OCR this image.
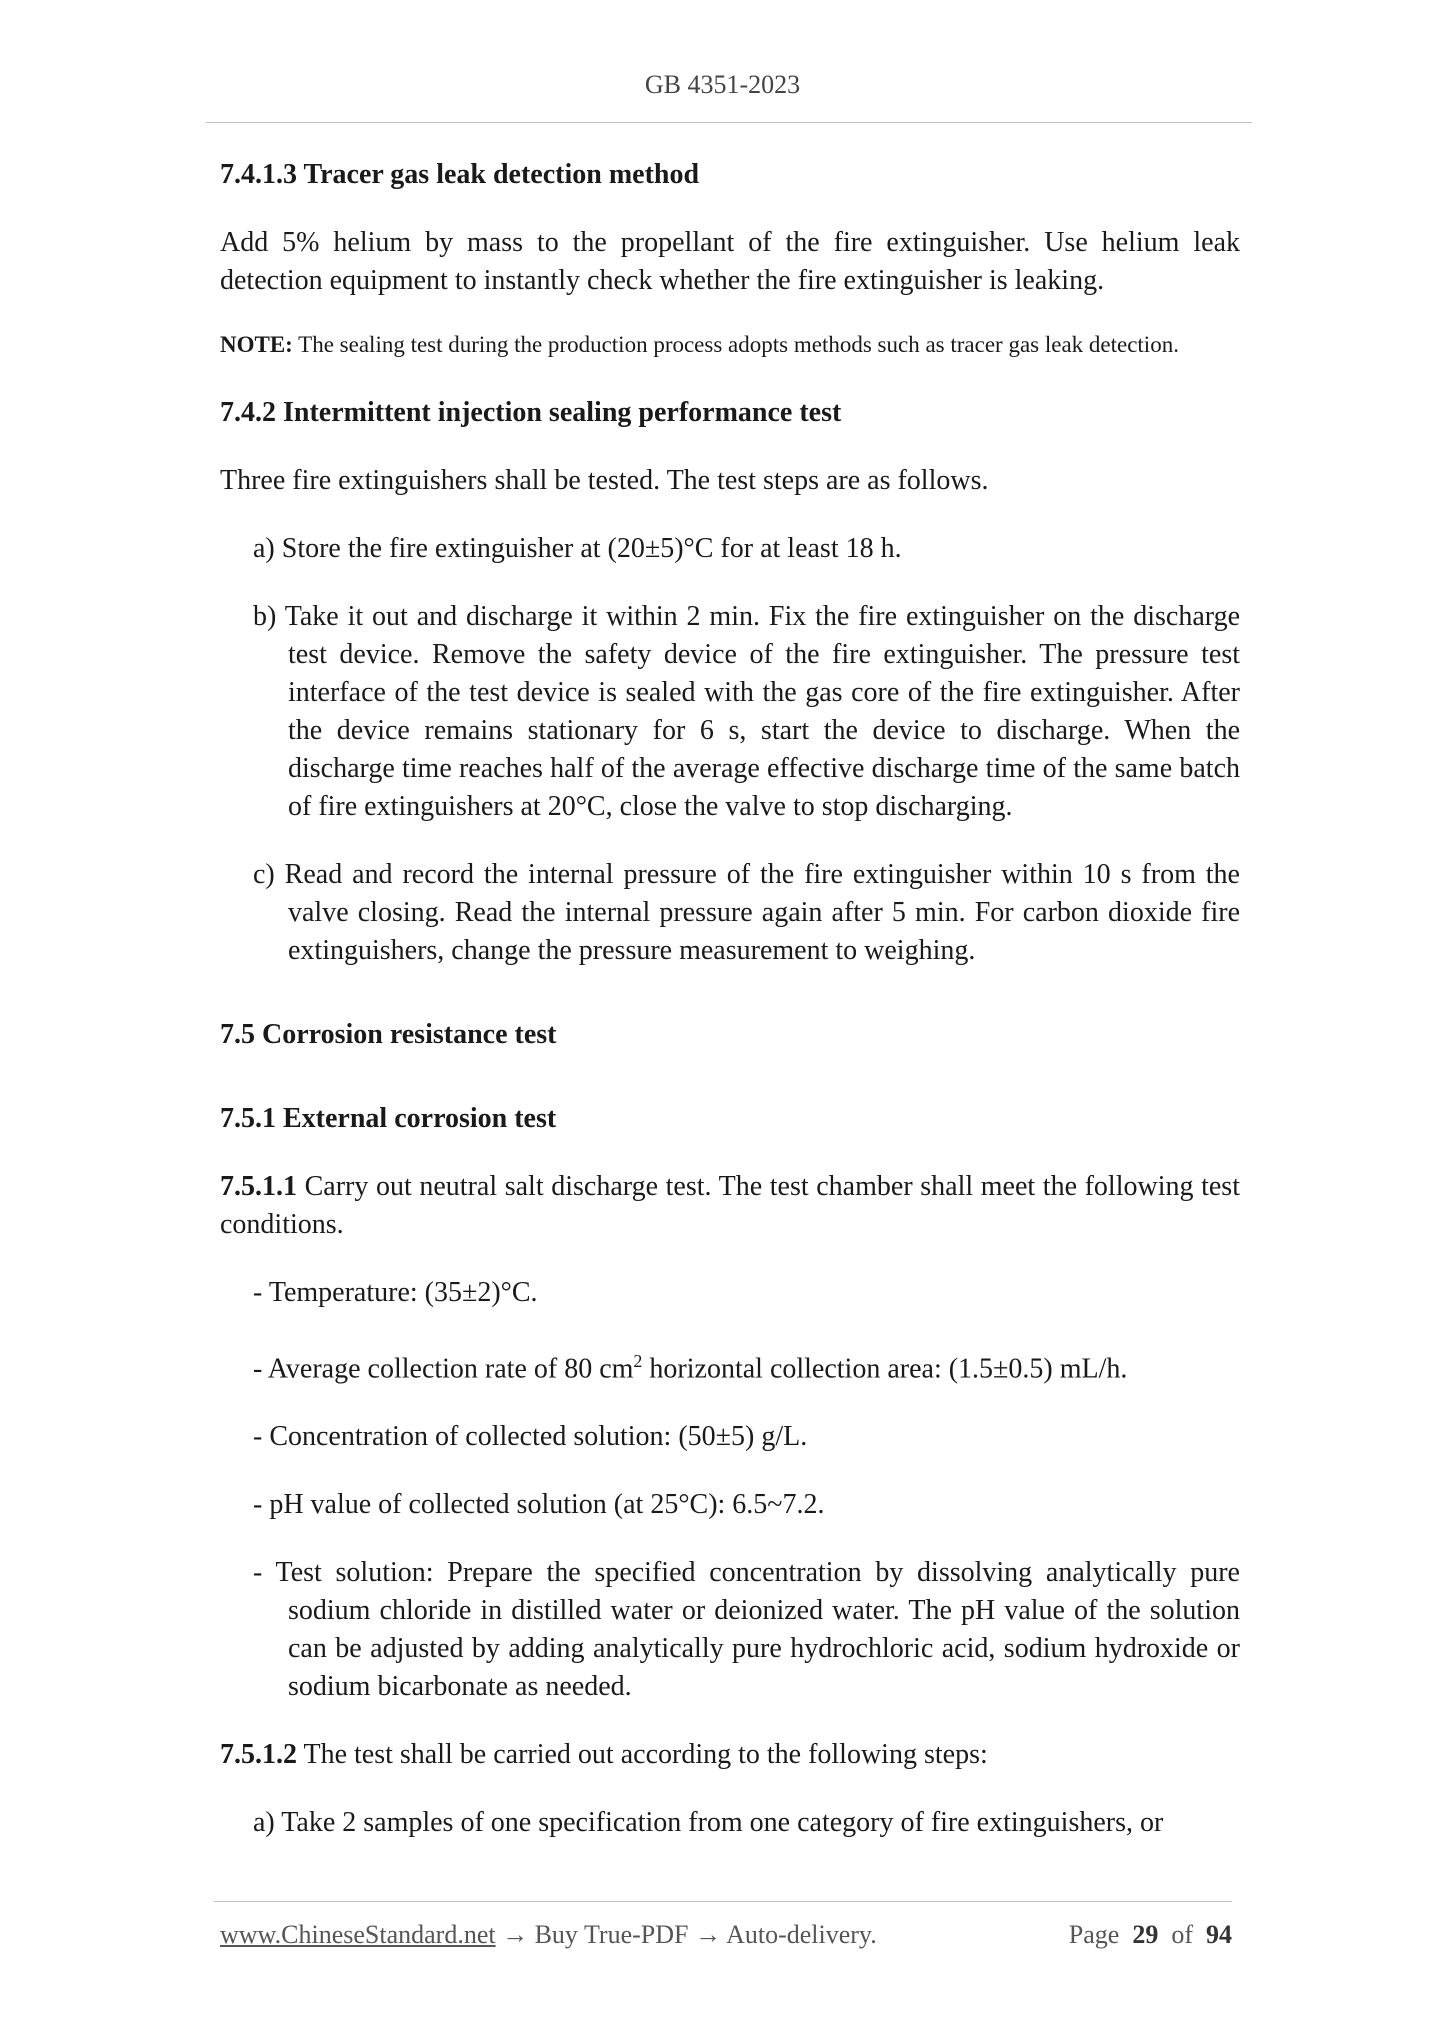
GB 4351-2023

7.4.1.3 Tracer gas leak detection method

Add 5% helium by mass to the propellant of the fire extinguisher. Use helium leak detection equipment to instantly check whether the fire extinguisher is leaking.

NOTE: The sealing test during the production process adopts methods such as tracer gas leak detection.

7.4.2 Intermittent injection sealing performance test

Three fire extinguishers shall be tested. The test steps are as follows.

a) Store the fire extinguisher at (20±5)°C for at least 18 h.

b) Take it out and discharge it within 2 min. Fix the fire extinguisher on the discharge test device. Remove the safety device of the fire extinguisher. The pressure test interface of the test device is sealed with the gas core of the fire extinguisher. After the device remains stationary for 6 s, start the device to discharge. When the discharge time reaches half of the average effective discharge time of the same batch of fire extinguishers at 20°C, close the valve to stop discharging.

c) Read and record the internal pressure of the fire extinguisher within 10 s from the valve closing. Read the internal pressure again after 5 min. For carbon dioxide fire extinguishers, change the pressure measurement to weighing.

7.5 Corrosion resistance test

7.5.1 External corrosion test

7.5.1.1 Carry out neutral salt discharge test. The test chamber shall meet the following test conditions.

- Temperature: (35±2)°C.

- Average collection rate of 80 $cm^2$ horizontal collection area: (1.5±0.5) mL/h.

- Concentration of collected solution: (50±5) g/L.

- pH value of collected solution (at 25°C): 6.5~7.2.

- Test solution: Prepare the specified concentration by dissolving analytically pure sodium chloride in distilled water or deionized water. The pH value of the solution can be adjusted by adding analytically pure hydrochloric acid, sodium hydroxide or sodium bicarbonate as needed.

7.5.1.2 The test shall be carried out according to the following steps:

a) Take 2 samples of one specification from one category of fire extinguishers, or

www.ChineseStandard.net → Buy True-PDF → Auto-delivery.	Page 29 of 94
